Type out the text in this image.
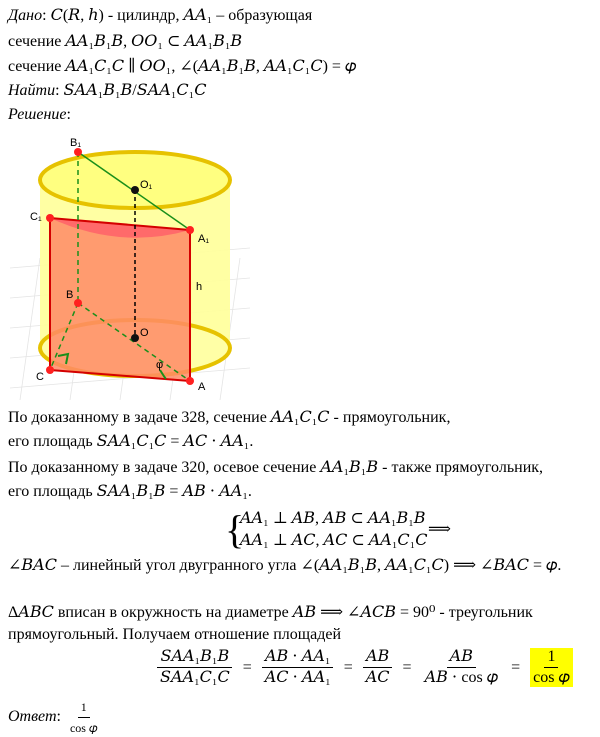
Дано: 𝐶(𝑅, ℎ) - цилиндр, 𝐴𝐴₁ – образующая
сечение 𝐴𝐴₁𝐵₁𝐵, 𝑂𝑂₁ ⊂ 𝐴𝐴₁𝐵₁𝐵
сечение 𝐴𝐴₁𝐶₁𝐶 ∥ 𝑂𝑂₁, ∠(𝐴𝐴₁𝐵₁𝐵, 𝐴𝐴₁𝐶₁𝐶) = 𝜑
Найти: 𝑆𝐴𝐴₁𝐵₁𝐵/𝑆𝐴𝐴₁𝐶₁𝐶
Решение:
B₁
O₁
C₁
A₁
h
B
O
C
A
φ
По доказанному в задаче 328, сечение 𝐴𝐴₁𝐶₁𝐶 - прямоугольник,
его площадь 𝑆𝐴𝐴₁𝐶₁𝐶 = 𝐴𝐶 ⋅ 𝐴𝐴₁.
По доказанному в задаче 320, осевое сечение 𝐴𝐴₁𝐵₁𝐵 - также прямоугольник,
его площадь 𝑆𝐴𝐴₁𝐵₁𝐵 = 𝐴𝐵 ⋅ 𝐴𝐴₁.
{
𝐴𝐴₁ ⊥ 𝐴𝐵, 𝐴𝐵 ⊂ 𝐴𝐴₁𝐵₁𝐵
𝐴𝐴₁ ⊥ 𝐴𝐶, 𝐴𝐶 ⊂ 𝐴𝐴₁𝐶₁𝐶
⟹
∠𝐵𝐴𝐶 – линейный угол двугранного угла ∠(𝐴𝐴₁𝐵₁𝐵, 𝐴𝐴₁𝐶₁𝐶) ⟹ ∠𝐵𝐴𝐶 = 𝜑.
Δ𝐴𝐵𝐶 вписан в окружность на диаметре 𝐴𝐵 ⟹ ∠𝐴𝐶𝐵 = 90⁰ - треугольник
прямоугольный. Получаем отношение площадей
$\frac{\text{𝑆𝐴𝐴₁𝐵₁𝐵}}{\text{𝑆𝐴𝐴₁𝐶₁𝐶}} = \frac{\text{𝐴𝐵 ⋅ 𝐴𝐴₁}}{\text{𝐴𝐶 ⋅ 𝐴𝐴₁}} = \frac{\text{𝐴𝐵}}{\text{𝐴𝐶}} = \frac{\text{𝐴𝐵}}{\text{𝐴𝐵 ⋅ cos 𝜑}} = \frac{1}{\text{cos 𝜑}}$
Ответ: $\frac{1}{\text{cos 𝜑}}$
